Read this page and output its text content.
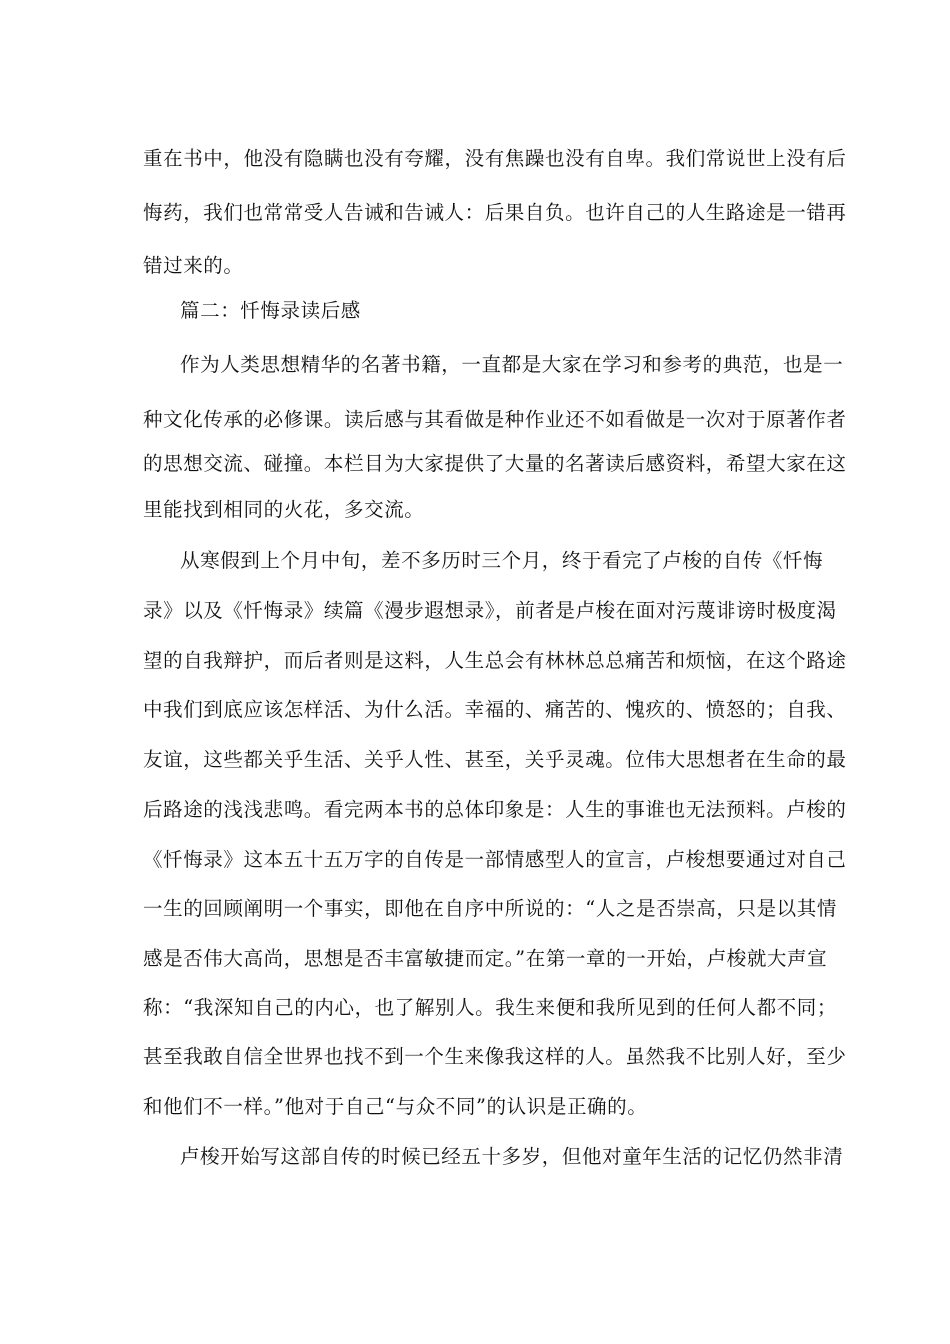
重在书中，他没有隐瞒也没有夸耀，没有焦躁也没有自卑。我们常说世上没有后
悔药，我们也常常受人告诫和告诫人：后果自负。也许自己的人生路途是一错再
错过来的。
篇二：忏悔录读后感
作为人类思想精华的名著书籍，一直都是大家在学习和参考的典范，也是一
种文化传承的必修课。读后感与其看做是种作业还不如看做是一次对于原著作者
的思想交流、碰撞。本栏目为大家提供了大量的名著读后感资料，希望大家在这
里能找到相同的火花，多交流。
从寒假到上个月中旬，差不多历时三个月，终于看完了卢梭的自传《忏悔
录》以及《忏悔录》续篇《漫步遐想录》，前者是卢梭在面对污蔑诽谤时极度渴
望的自我辩护，而后者则是这料，人生总会有林林总总痛苦和烦恼，在这个路途
中我们到底应该怎样活、为什么活。幸福的、痛苦的、愧疚的、愤怒的；自我、
友谊，这些都关乎生活、关乎人性、甚至，关乎灵魂。位伟大思想者在生命的最
后路途的浅浅悲鸣。看完两本书的总体印象是：人生的事谁也无法预料。卢梭的
《忏悔录》这本五十五万字的自传是一部情感型人的宣言，卢梭想要通过对自己
一生的回顾阐明一个事实，即他在自序中所说的：“人之是否崇高，只是以其情
感是否伟大高尚，思想是否丰富敏捷而定。”在第一章的一开始，卢梭就大声宣
称：“我深知自己的内心，也了解别人。我生来便和我所见到的任何人都不同；
甚至我敢自信全世界也找不到一个生来像我这样的人。虽然我不比别人好，至少
和他们不一样。”他对于自己“与众不同”的认识是正确的。
卢梭开始写这部自传的时候已经五十多岁，但他对童年生活的记忆仍然非清
